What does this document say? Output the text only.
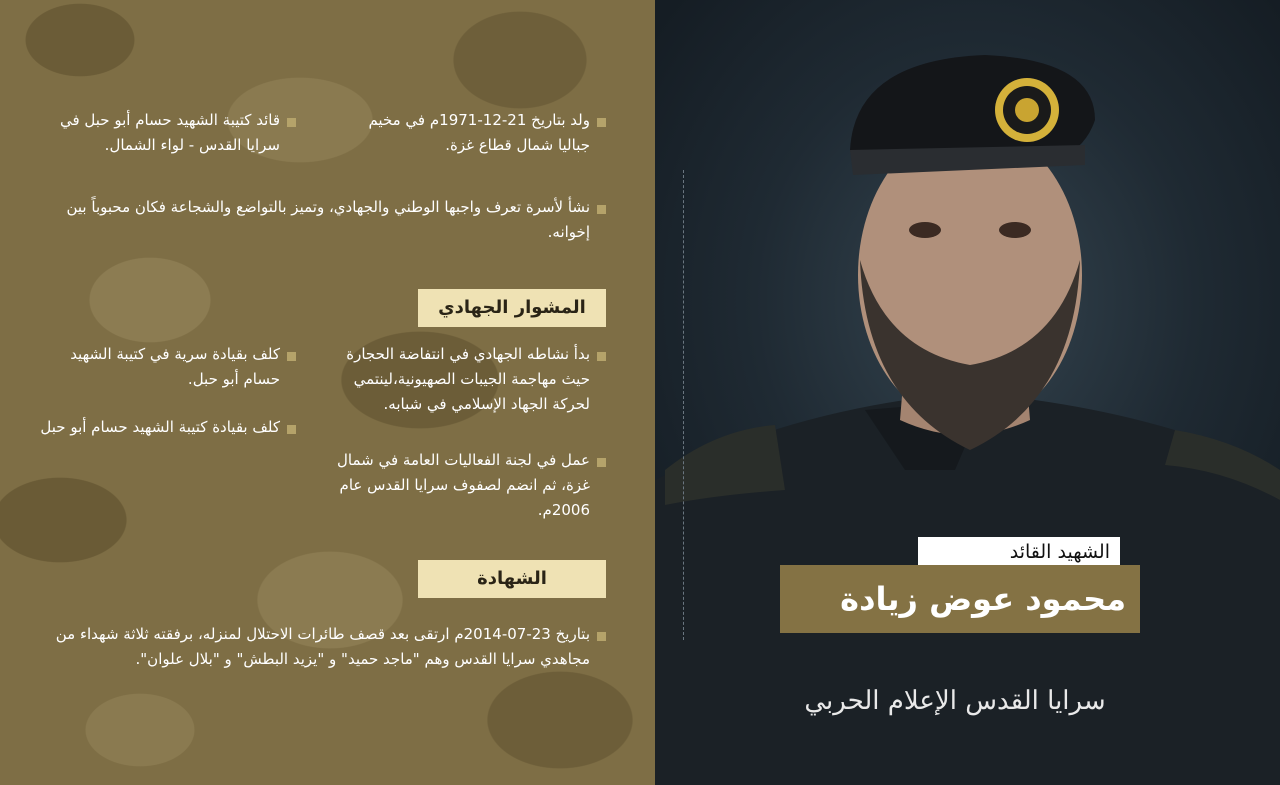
ولد بتاريخ 21-12-1971م في مخيم جباليا شمال قطاع غزة.
قائد كتيبة الشهيد حسام أبو حبل في سرايا القدس - لواء الشمال.
نشأ لأسرة تعرف واجبها الوطني والجهادي، وتميز بالتواضع والشجاعة فكان محبوباً بين إخوانه.
المشوار الجهادي
بدأ نشاطه الجهادي في انتفاضة الحجارة حيث مهاجمة الجيبات الصهيونية،لينتمي لحركة الجهاد الإسلامي في شبابه.
عمل في لجنة الفعاليات العامة في شمال غزة، ثم انضم لصفوف سرايا القدس عام 2006م.
كلف بقيادة سرية في كتيبة الشهيد حسام أبو حبل.
كلف بقيادة كتيبة الشهيد حسام أبو حبل
الشهادة
بتاريخ 23-07-2014م ارتقى بعد قصف طائرات الاحتلال لمنزله، برفقته ثلاثة شهداء من مجاهدي سرايا القدس وهم "ماجد حميد" و "يزيد البطش" و "بلال علوان".
الشهيد القائد
محمود عوض زيادة
سرايا القدس الإعلام الحربي
